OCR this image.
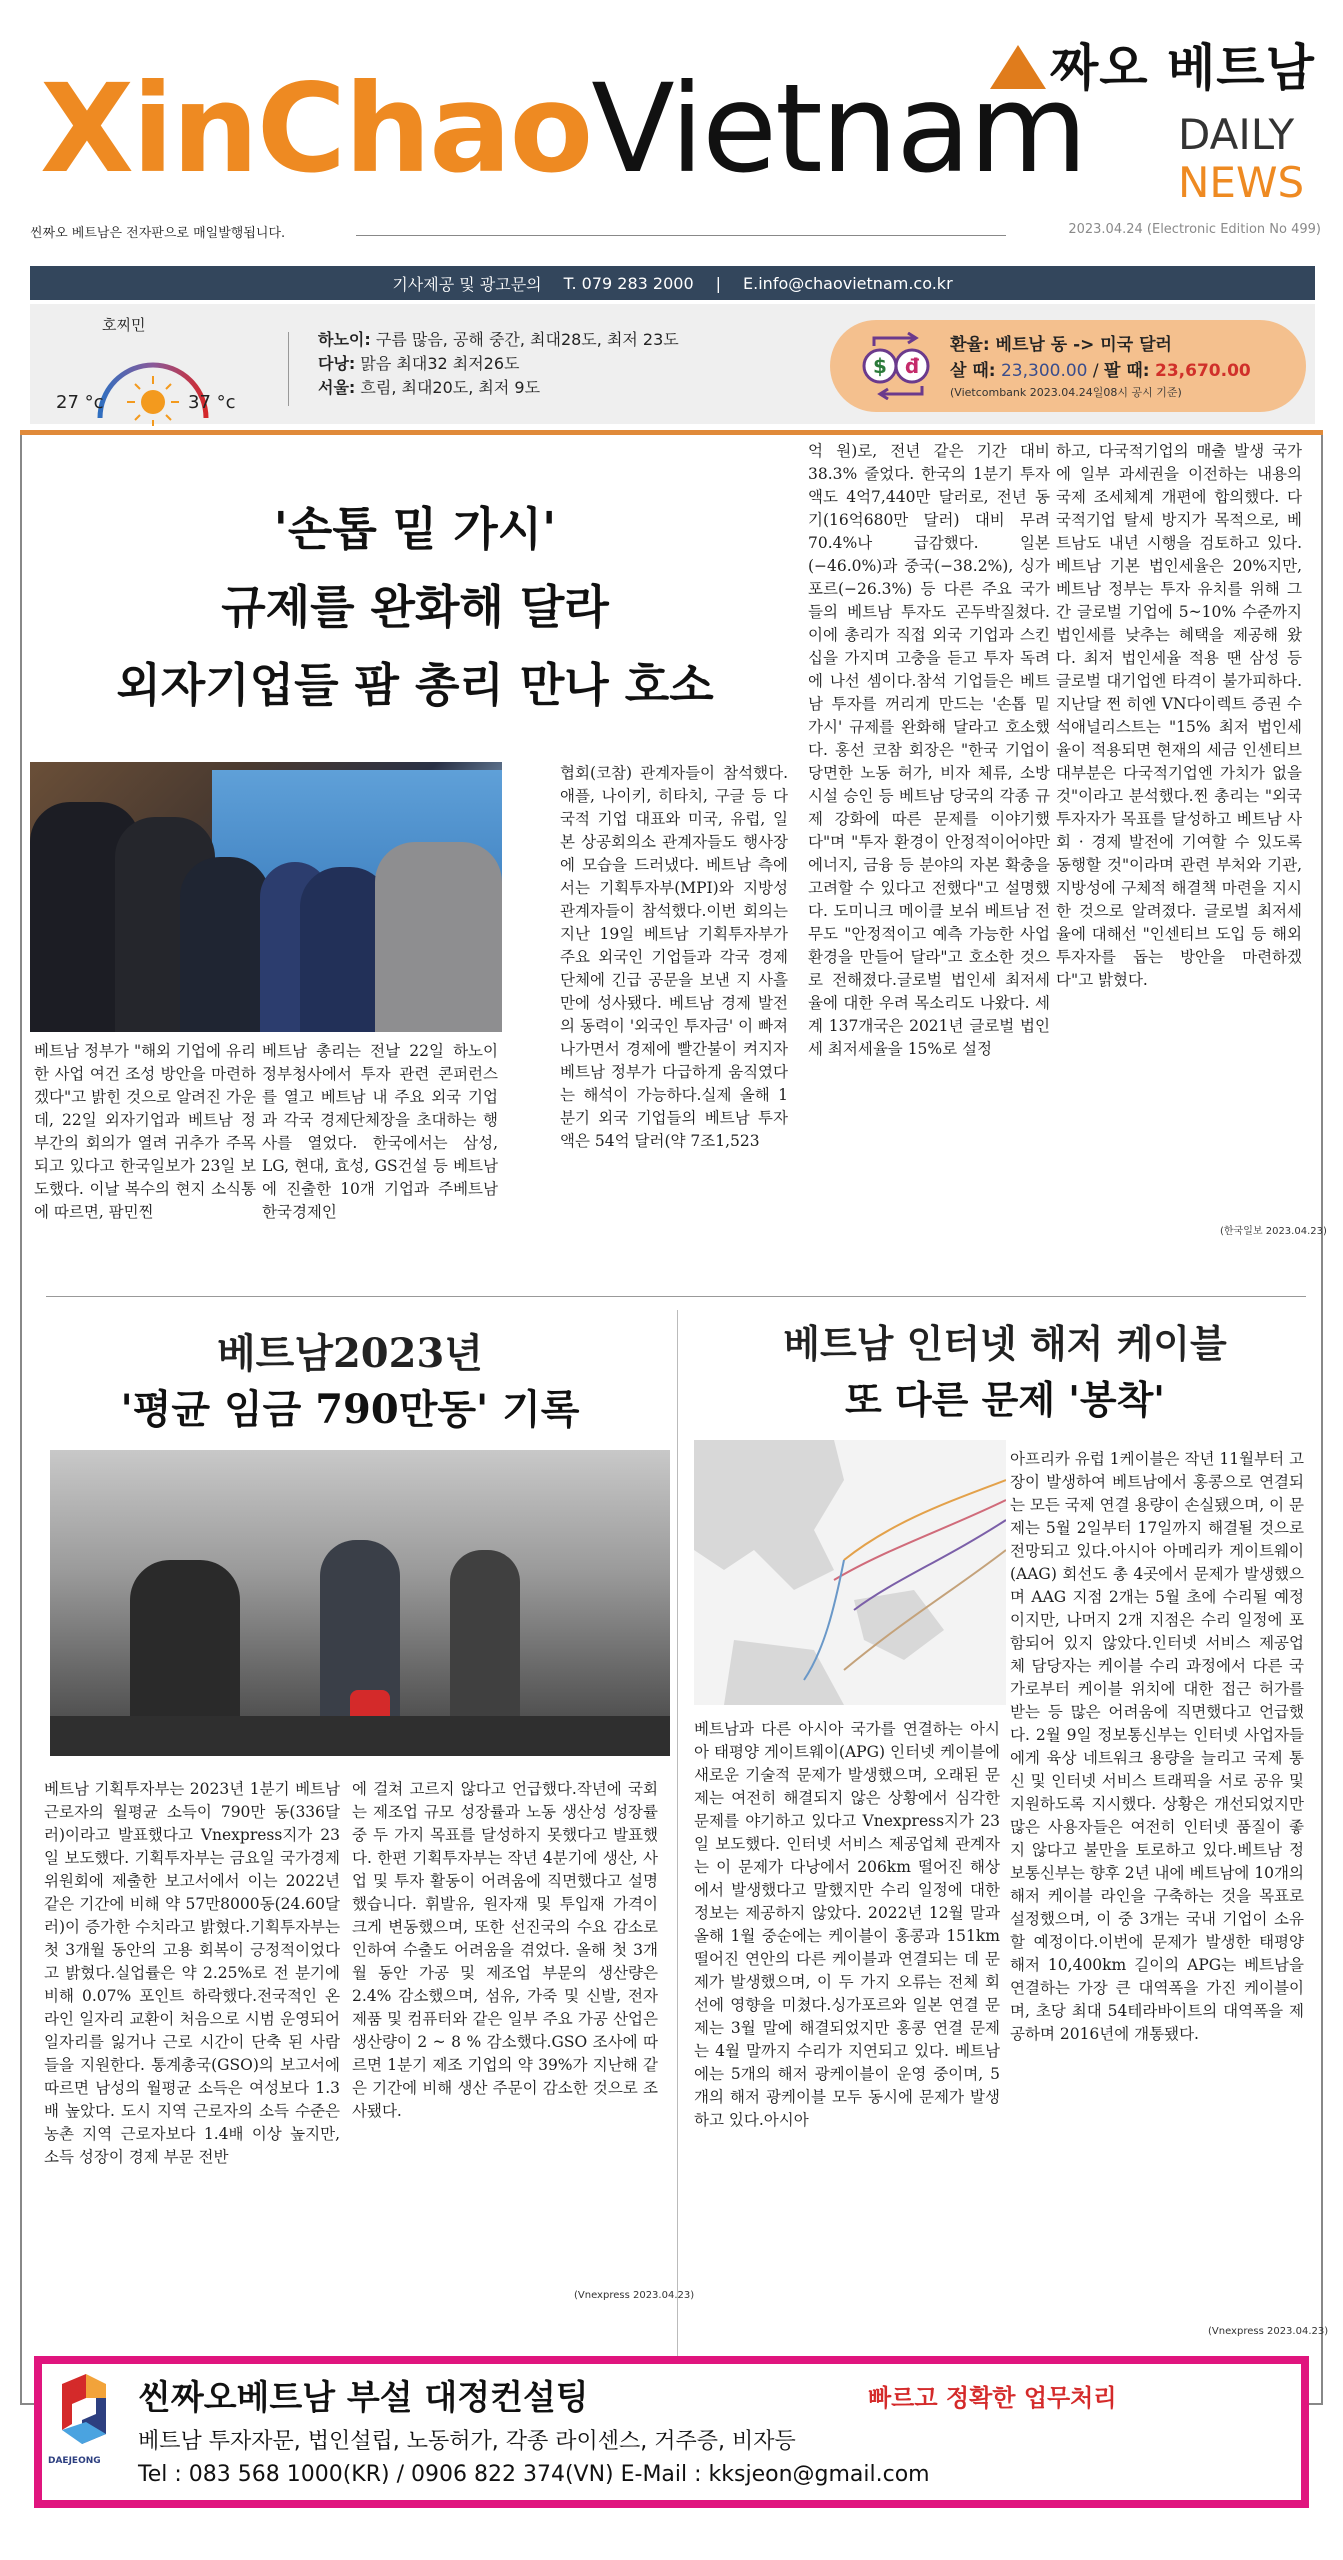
짜오 베트남
XinChaoVietnam DAILY
NEWS
씬짜오 베트남은 전자판으로 매일발행됩니다.	2023.04.24 (Electronic Edition No 499)
기사제공 및 광고문의 T. 079 283 2000 | E.info@chaovietnam.co.kr
호찌민
27 °c	37 °c
하노이: 구름 많음, 공해 중간, 최대28도, 최저 23도
다낭: 맑음 최대32 최저26도
서울: 흐림, 최대20도, 최저 9도
$ đ
환율: 베트남 동 -> 미국 달러
살 때: 23,300.00 / 팔 때: 23,670.00
(Vietcombank 2023.04.24일08시 공시 기준)
'손톱 밑 가시'
규제를 완화해 달라
외자기업들 팜 총리 만나 호소
베트남 정부가 "해외 기업에 유리한 사업 여건 조성 방안을 마련하겠다"고 밝힌 것으로 알려진 가운데, 22일 외자기업과 베트남 정부간의 회의가 열려 귀추가 주목되고 있다고 한국일보가 23일 보도했다. 이날 복수의 현지 소식통에 따르면, 팜민찐
베트남 총리는 전날 22일 하노이 정부청사에서 투자 관련 콘퍼런스를 열고 베트남 내 주요 외국 기업과 각국 경제단체장을 초대하는 행사를 열었다. 한국에서는 삼성, LG, 현대, 효성, GS건설 등 베트남에 진출한 10개 기업과 주베트남 한국경제인
협회(코참) 관계자들이 참석했다. 애플, 나이키, 히타치, 구글 등 다국적 기업 대표와 미국, 유럽, 일본 상공회의소 관계자들도 행사장에 모습을 드러냈다. 베트남 측에서는 기획투자부(MPI)와 지방성 관계자들이 참석했다.이번 회의는 지난 19일 베트남 기획투자부가 주요 외국인 기업들과 각국 경제 단체에 긴급 공문을 보낸 지 사흘 만에 성사됐다. 베트남 경제 발전의 동력이 '외국인 투자금' 이 빠져나가면서 경제에 빨간불이 켜지자 베트남 정부가 다급하게 움직였다는 해석이 가능하다.실제 올해 1분기 외국 기업들의 베트남 투자액은 54억 달러(약 7조1,523
억 원)로, 전년 같은 기간 대비 38.3% 줄었다. 한국의 1분기 투자액도 4억7,440만 달러로, 전년 동기(16억680만 달러) 대비 무려 70.4%나 급감했다. 일본(−46.0%)과 중국(−38.2%), 싱가포르(−26.3%) 등 다른 주요 국가들의 베트남 투자도 곤두박질쳤다. 이에 총리가 직접 외국 기업과 스킨십을 가지며 고충을 듣고 투자 독려에 나선 셈이다.참석 기업들은 베트남 투자를 꺼리게 만드는 '손톱 밑 가시' 규제를 완화해 달라고 호소했다. 홍선 코참 회장은 "한국 기업이 당면한 노동 허가, 비자 체류, 소방시설 승인 등 베트남 당국의 각종 규제 강화에 따른 문제를 이야기했다"며 "투자 환경이 안정적이어야만 에너지, 금융 등 분야의 자본 확충을 고려할 수 있다고 전했다"고 설명했다. 도미니크 메이클 보쉬 베트남 전무도 "안정적이고 예측 가능한 사업 환경을 만들어 달라"고 호소한 것으로 전해졌다.글로벌 법인세 최저세율에 대한 우려 목소리도 나왔다. 세계 137개국은 2021년 글로벌 법인세 최저세율을 15%로 설정
하고, 다국적기업의 매출 발생 국가에 일부 과세권을 이전하는 내용의 국제 조세체계 개편에 합의했다. 다국적기업 탈세 방지가 목적으로, 베트남도 내년 시행을 검토하고 있다.베트남 기본 법인세율은 20%지만, 베트남 정부는 투자 유치를 위해 그간 글로벌 기업에 5~10% 수준까지 법인세를 낮추는 혜택을 제공해 왔다. 최저 법인세율 적용 땐 삼성 등 글로벌 대기업엔 타격이 불가피하다. 지난달 쩐 히엔 VN다이렉트 증권 수석애널리스트는 "15% 최저 법인세율이 적용되면 현재의 세금 인센티브 대부분은 다국적기업엔 가치가 없을 것"이라고 분석했다.찐 총리는 "외국 투자자가 목표를 달성하고 베트남 사회 · 경제 발전에 기여할 수 있도록 동행할 것"이라며 관련 부처와 기관, 지방성에 구체적 해결책 마련을 지시한 것으로 알려졌다. 글로벌 최저세율에 대해선 "인센티브 도입 등 해외 투자자를 돕는 방안을 마련하겠다"고 밝혔다.
(한국일보 2023.04.23)
베트남2023년
'평균 임금 790만동' 기록
베트남 기획투자부는 2023년 1분기 베트남 근로자의 월평균 소득이 790만 동(336달러)이라고 발표했다고 Vnexpress지가 23일 보도했다. 기획투자부는 금요일 국가경제위원회에 제출한 보고서에서 이는 2022년 같은 기간에 비해 약 57만8000동(24.60달러)이 증가한 수치라고 밝혔다.기획투자부는 첫 3개월 동안의 고용 회복이 긍정적이었다고 밝혔다.실업률은 약 2.25%로 전 분기에 비해 0.07% 포인트 하락했다.전국적인 온라인 일자리 교환이 처음으로 시범 운영되어 일자리를 잃거나 근로 시간이 단축 된 사람들을 지원한다. 통계총국(GSO)의 보고서에 따르면 남성의 월평균 소득은 여성보다 1.3배 높았다. 도시 지역 근로자의 소득 수준은 농촌 지역 근로자보다 1.4배 이상 높지만, 소득 성장이 경제 부문 전반
에 걸쳐 고르지 않다고 언급했다.작년에 국회는 제조업 규모 성장률과 노동 생산성 성장률 중 두 가지 목표를 달성하지 못했다고 발표했다. 한편 기획투자부는 작년 4분기에 생산, 사업 및 투자 활동이 어려움에 직면했다고 설명했습니다. 휘발유, 원자재 및 투입재 가격이 크게 변동했으며, 또한 선진국의 수요 감소로 인하여 수출도 어려움을 겪었다. 올해 첫 3개월 동안 가공 및 제조업 부문의 생산량은 2.4% 감소했으며, 섬유, 가죽 및 신발, 전자 제품 및 컴퓨터와 같은 일부 주요 가공 산업은 생산량이 2 ~ 8 % 감소했다.GSO 조사에 따르면 1분기 제조 기업의 약 39%가 지난해 같은 기간에 비해 생산 주문이 감소한 것으로 조사됐다.
(Vnexpress 2023.04.23)
베트남 인터넷 해저 케이블
또 다른 문제 '봉착'
베트남과 다른 아시아 국가를 연결하는 아시아 태평양 게이트웨이(APG) 인터넷 케이블에 새로운 기술적 문제가 발생했으며, 오래된 문제는 여전히 해결되지 않은 상황에서 심각한 문제를 야기하고 있다고 Vnexpress지가 23일 보도했다. 인터넷 서비스 제공업체 관계자는 이 문제가 다낭에서 206km 떨어진 해상에서 발생했다고 말했지만 수리 일정에 대한 정보는 제공하지 않았다. 2022년 12월 말과 올해 1월 중순에는 케이블이 홍콩과 151km 떨어진 연안의 다른 케이블과 연결되는 데 문제가 발생했으며, 이 두 가지 오류는 전체 회선에 영향을 미쳤다.싱가포르와 일본 연결 문제는 3월 말에 해결되었지만 홍콩 연결 문제는 4월 말까지 수리가 지연되고 있다. 베트남에는 5개의 해저 광케이블이 운영 중이며, 5개의 해저 광케이블 모두 동시에 문제가 발생하고 있다.아시아
아프리카 유럽 1케이블은 작년 11월부터 고장이 발생하여 베트남에서 홍콩으로 연결되는 모든 국제 연결 용량이 손실됐으며, 이 문제는 5월 2일부터 17일까지 해결될 것으로 전망되고 있다.아시아 아메리카 게이트웨이(AAG) 회선도 총 4곳에서 문제가 발생했으며 AAG 지점 2개는 5월 초에 수리될 예정이지만, 나머지 2개 지점은 수리 일정에 포함되어 있지 않았다.인터넷 서비스 제공업체 담당자는 케이블 수리 과정에서 다른 국가로부터 케이블 위치에 대한 접근 허가를 받는 등 많은 어려움에 직면했다고 언급했다. 2월 9일 정보통신부는 인터넷 사업자들에게 육상 네트워크 용량을 늘리고 국제 통신 및 인터넷 서비스 트래픽을 서로 공유 및 지원하도록 지시했다. 상황은 개선되었지만 많은 사용자들은 여전히 인터넷 품질이 좋지 않다고 불만을 토로하고 있다.베트남 정보통신부는 향후 2년 내에 베트남에 10개의 해저 케이블 라인을 구축하는 것을 목표로 설정했으며, 이 중 3개는 국내 기업이 소유할 예정이다.이번에 문제가 발생한 태평양 해저 10,400km 길이의 APG는 베트남을 연결하는 가장 큰 대역폭을 가진 케이블이며, 초당 최대 54테라바이트의 대역폭을 제공하며 2016년에 개통됐다.
(Vnexpress 2023.04.23)
DAEJEONG
씬짜오베트남 부설 대정컨설팅	빠르고 정확한 업무처리
베트남 투자자문, 법인설립, 노동허가, 각종 라이센스, 거주증, 비자등
Tel : 083 568 1000(KR) / 0906 822 374(VN) E-Mail : kksjeon@gmail.com
